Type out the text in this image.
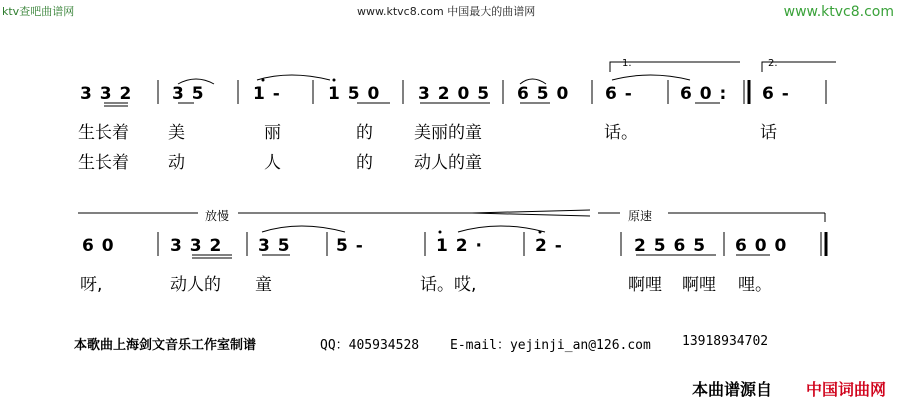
ktv查吧曲谱网	www.ktvc8.com 中国最大的曲谱网	www.ktvc8.com
1.	2.
3 3 2 3 5	1 -	1 5 0 3 2 0 5 6 5 0 6 -	6 0 : 6 -
生长着 美	丽	的 美丽的童	话。	话
生长着 动	人	的 动人的童
放慢	原速
6 0	3 3 2 3 5	5 -	1 2 ·	2 -	2 5 6 5 6 0 0
呀,	动人的 童	话。哎,	啊哩 啊哩 哩。
本歌曲上海剑文音乐工作室制谱	QQ：405934528 E-mail：yejinji_an@126.com 13918934702
本曲谱源自 中国词曲网
